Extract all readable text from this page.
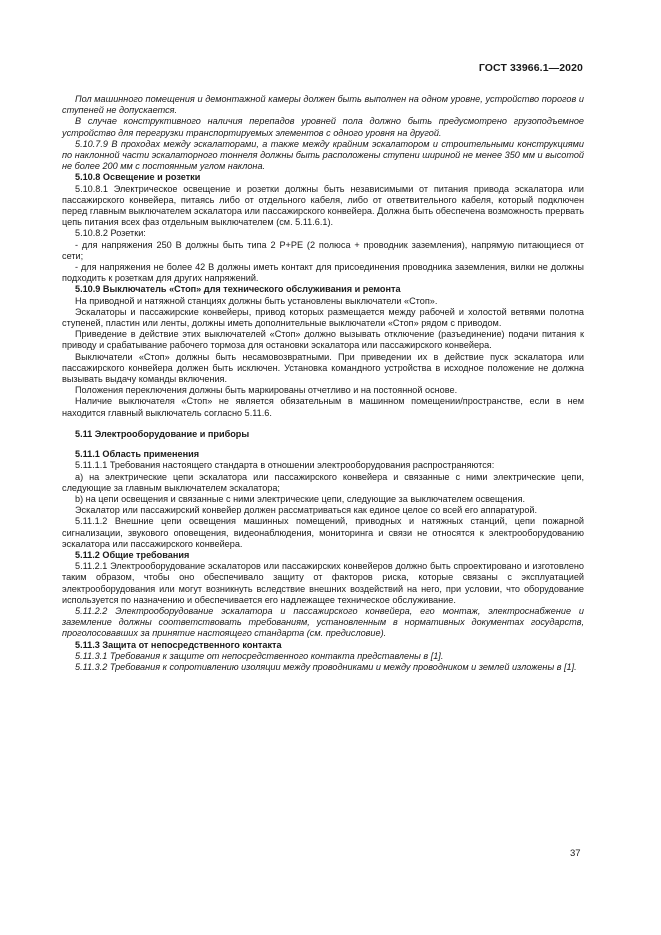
ГОСТ 33966.1—2020

Пол машинного помещения и демонтажной камеры должен быть выполнен на одном уровне, устройство порогов и ступеней не допускается.

В случае конструктивного наличия перепадов уровней пола должно быть предусмотрено грузоподъемное устройство для перегрузки транспортируемых элементов с одного уровня на другой.

5.10.7.9 В проходах между эскалаторами, а также между крайним эскалатором и строительными конструкциями по наклонной части эскалаторного тоннеля должны быть расположены ступени шириной не менее 350 мм и высотой не более 200 мм с постоянным углом наклона.

5.10.8 Освещение и розетки

5.10.8.1 Электрическое освещение и розетки должны быть независимыми от питания привода эскалатора или пассажирского конвейера, питаясь либо от отдельного кабеля, либо от ответвительного кабеля, который подключен перед главным выключателем эскалатора или пассажирского конвейера. Должна быть обеспечена возможность прервать цепь питания всех фаз отдельным выключателем (см. 5.11.6.1).

5.10.8.2 Розетки:

- для напряжения 250 В должны быть типа 2 P+PE (2 полюса + проводник заземления), напрямую питающиеся от сети;

- для напряжения не более 42 В должны иметь контакт для присоединения проводника заземления, вилки не должны подходить к розеткам для других напряжений.

5.10.9 Выключатель «Стоп» для технического обслуживания и ремонта

На приводной и натяжной станциях должны быть установлены выключатели «Стоп».

Эскалаторы и пассажирские конвейеры, привод которых размещается между рабочей и холостой ветвями полотна ступеней, пластин или ленты, должны иметь дополнительные выключатели «Стоп» рядом с приводом.

Приведение в действие этих выключателей «Стоп» должно вызывать отключение (разъединение) подачи питания к приводу и срабатывание рабочего тормоза для остановки эскалатора или пассажирского конвейера.

Выключатели «Стоп» должны быть несамовозвратными. При приведении их в действие пуск эскалатора или пассажирского конвейера должен быть исключен. Установка командного устройства в исходное положение не должна вызывать выдачу команды включения.

Положения переключения должны быть маркированы отчетливо и на постоянной основе.

Наличие выключателя «Стоп» не является обязательным в машинном помещении/пространстве, если в нем находится главный выключатель согласно 5.11.6.

5.11 Электрооборудование и приборы

5.11.1 Область применения

5.11.1.1 Требования настоящего стандарта в отношении электрооборудования распространяются:

а) на электрические цепи эскалатора или пассажирского конвейера и связанные с ними электрические цепи, следующие за главным выключателем эскалатора;

b) на цепи освещения и связанные с ними электрические цепи, следующие за выключателем освещения.

Эскалатор или пассажирский конвейер должен рассматриваться как единое целое со всей его аппаратурой.

5.11.1.2 Внешние цепи освещения машинных помещений, приводных и натяжных станций, цепи пожарной сигнализации, звукового оповещения, видеонаблюдения, мониторинга и связи не относятся к электрооборудованию эскалатора или пассажирского конвейера.

5.11.2 Общие требования

5.11.2.1 Электрооборудование эскалаторов или пассажирских конвейеров должно быть спроектировано и изготовлено таким образом, чтобы оно обеспечивало защиту от факторов риска, которые связаны с эксплуатацией электрооборудования или могут возникнуть вследствие внешних воздействий на него, при условии, что оборудование используется по назначению и обеспечивается его надлежащее техническое обслуживание.

5.11.2.2 Электрооборудование эскалатора и пассажирского конвейера, его монтаж, электроснабжение и заземление должны соответствовать требованиям, установленным в нормативных документах государств, проголосовавших за принятие настоящего стандарта (см. предисловие).

5.11.3 Защита от непосредственного контакта

5.11.3.1 Требования к защите от непосредственного контакта представлены в [1].

5.11.3.2 Требования к сопротивлению изоляции между проводниками и между проводником и землей изложены в [1].

37
